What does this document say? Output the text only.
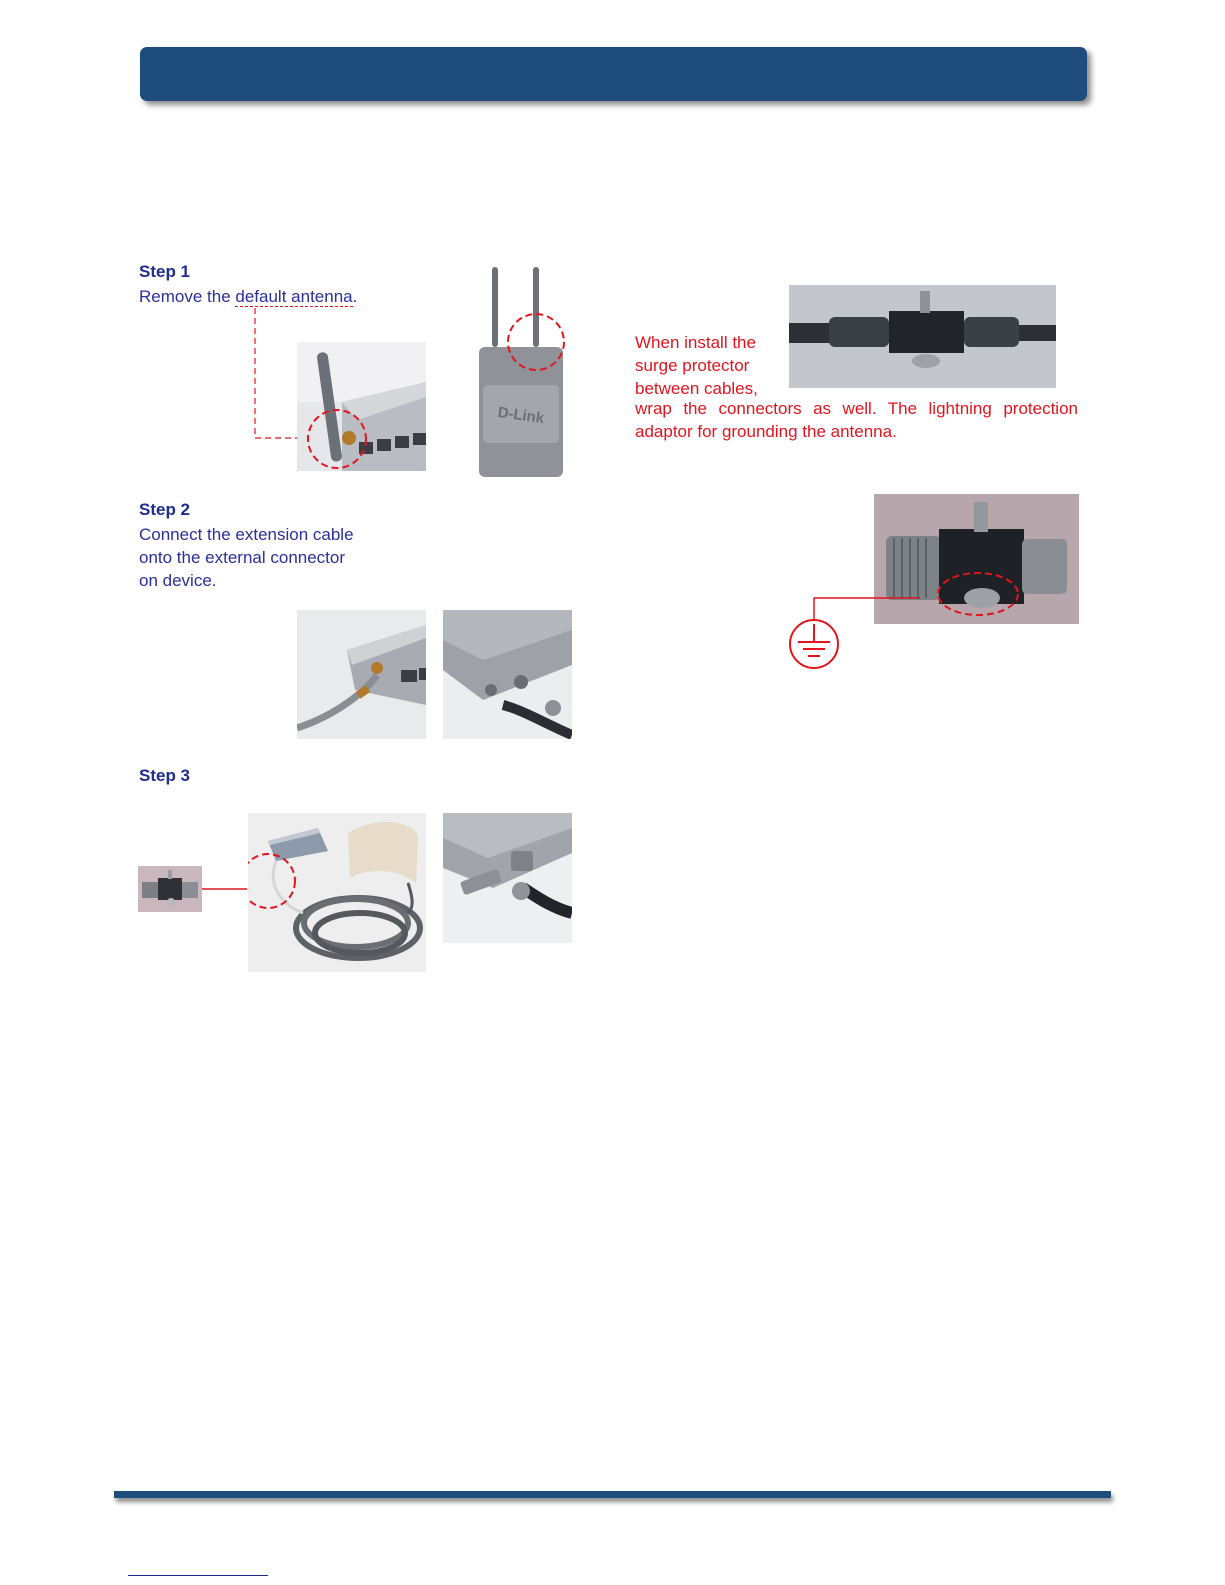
Step 1
Remove the default antenna.
D-Link
Step 2
Connect the extension cable
onto the external connector
on device.
Step 3
When install the
surge protector
between cables,
wrap the connectors as well. The lightning protection
adaptor for grounding the antenna.
